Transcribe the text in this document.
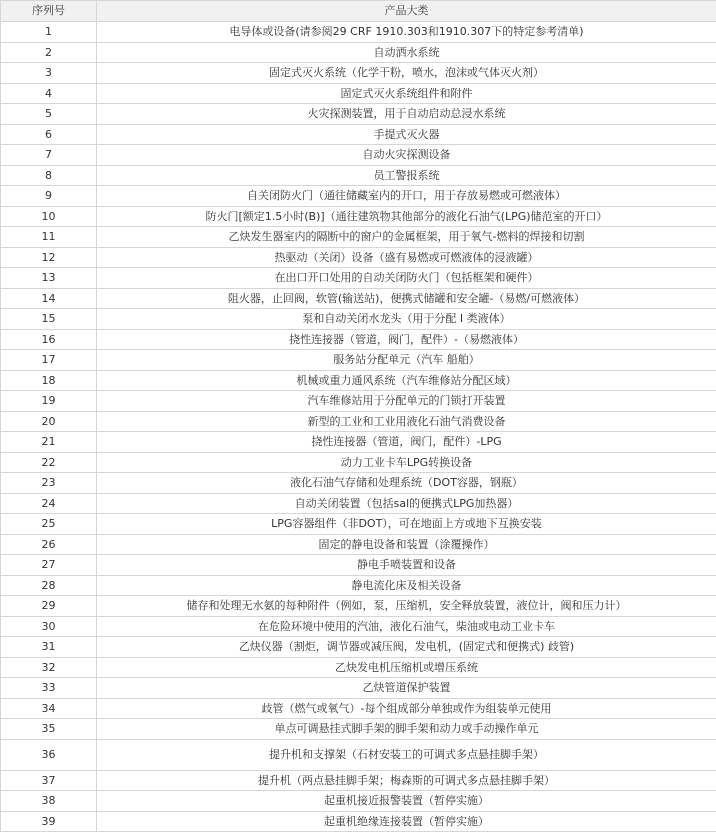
序列号	产品大类
1	电导体或设备(请参阅29 CRF 1910.303和1910.307下的特定参考清单)
2	自动洒水系统
3	固定式灭火系统（化学干粉，喷水，泡沫或气体灭火剂）
4	固定式灭火系统组件和附件
5	火灾探测装置，用于自动启动总浸水系统
6	手提式灭火器
7	自动火灾探测设备
8	员工警报系统
9	自关闭防火门（通往储藏室内的开口，用于存放易燃或可燃液体）
10	防火门[额定1.5小时(B)]（通往建筑物其他部分的液化石油气(LPG)储范室的开口）
11	乙炔发生器室内的隔断中的窗户的金属框架，用于氧气-燃料的焊接和切割
12	热驱动（关闭）设备（盛有易燃或可燃液体的浸液罐）
13	在出口开口处用的自动关闭防火门（包括框架和硬件）
14	阻火器，止回阀，软管(输送站)，便携式储罐和安全罐-（易燃/可燃液体）
15	泵和自动关闭水龙头（用于分配 I 类液体）
16	挠性连接器（管道，阀门，配件）-（易燃液体）
17	服务站分配单元（汽车 船舶）
18	机械或重力通风系统（汽车维修站分配区域）
19	汽车维修站用于分配单元的门锁打开装置
20	新型的工业和工业用液化石油气消费设备
21	挠性连接器（管道，阀门，配件）-LPG
22	动力工业卡车LPG转换设备
23	液化石油气存储和处理系统（DOT容器，钢瓶）
24	自动关闭装置（包括sal的便携式LPG加热器）
25	LPG容器组件（非DOT），可在地面上方或地下互换安装
26	固定的静电设备和装置（涂覆操作）
27	静电手喷装置和设备
28	静电流化床及相关设备
29	储存和处理无水氨的每种附件（例如，泵，压缩机，安全释放装置，液位计，阀和压力计）
30	在危险环境中使用的汽油，液化石油气，柴油或电动工业卡车
31	乙炔仪器（割炬，调节器或减压阀，发电机，(固定式和便携式) 歧管)
32	乙炔发电机压缩机或增压系统
33	乙炔管道保护装置
34	歧管（燃气或氧气）-每个组成部分单独或作为组装单元使用
35	单点可调悬挂式脚手架的脚手架和动力或手动操作单元
36	提升机和支撑架（石材安装工的可调式多点悬挂脚手架）
37	提升机（两点悬挂脚手架；梅森斯的可调式多点悬挂脚手架）
38	起重机接近报警装置（暂停实施）
39	起重机绝缘连接装置（暂停实施）
